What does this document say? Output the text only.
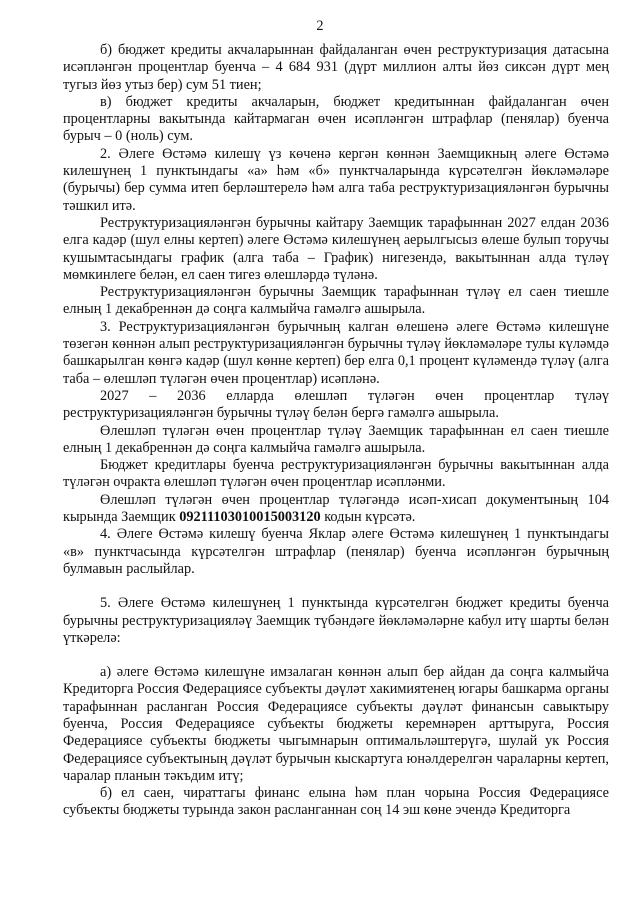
2

б) бюджет кредиты акчаларыннан файдаланган өчен реструктуризация датасына исәпләнгән процентлар буенча – 4 684 931 (дүрт миллион алты йөз сиксән дүрт мең тугыз йөз утыз бер) сум 51 тиен;

в) бюджет кредиты акчаларын, бюджет кредитыннан файдаланган өчен процентларны вакытында кайтармаган өчен исәпләнгән штрафлар (пенялар) буенча бурыч – 0 (ноль) сум.

2. Әлеге Өстәмә килешү үз көченә кергән көннән Заемщикның әлеге Өстәмә килешүнең 1 пунктындагы «а» һәм «б» пунктчаларында күрсәтелгән йөкләмәләре (бурычы) бер сумма итеп берләштерелә һәм алга таба реструктуризацияләнгән бурычны тәшкил итә.

Реструктуризацияләнгән бурычны кайтару Заемщик тарафыннан 2027 елдан 2036 елга кадәр (шул елны кертеп) әлеге Өстәмә килешүнең аерылгысыз өлеше булып торучы кушымтасындагы график (алга таба – График) нигезендә, вакытыннан алда түләү мөмкинлеге белән, ел саен тигез өлешләрдә түләнә.

Реструктуризацияләнгән бурычны Заемщик тарафыннан түләү ел саен тиешле елның 1 декабреннән дә соңга калмыйча гамәлгә ашырыла.

3. Реструктуризацияләнгән бурычның калган өлешенә әлеге Өстәмә килешүне төзегән көннән алып реструктуризацияләнгән бурычны түләү йөкләмәләре тулы күләмдә башкарылган көнгә кадәр (шул көнне кертеп) бер елга 0,1 процент күләмендә түләү (алга таба – өлешләп түләгән өчен процентлар) исәпләнә.

2027 – 2036 елларда өлешләп түләгән өчен процентлар түләү реструктуризацияләнгән бурычны түләү белән бергә гамәлгә ашырыла.

Өлешләп түләгән өчен процентлар түләү Заемщик тарафыннан ел саен тиешле елның 1 декабреннән дә соңга калмыйча гамәлгә ашырыла.

Бюджет кредитлары буенча реструктуризацияләнгән бурычны вакытыннан алда түләгән очракта өлешләп түләгән өчен процентлар исәпләнми.

Өлешләп түләгән өчен процентлар түләгәндә исәп-хисап документының 104 кырында Заемщик 09211103010015003120 кодын күрсәтә.

4. Әлеге Өстәмә килешү буенча Яклар әлеге Өстәмә килешүнең 1 пунктындагы «в» пунктчасында күрсәтелгән штрафлар (пенялар) буенча исәпләнгән бурычның булмавын раслыйлар.

5. Әлеге Өстәмә килешүнең 1 пунктында күрсәтелгән бюджет кредиты буенча бурычны реструктуризацияләү Заемщик түбәндәге йөкләмәләрне кабул итү шарты белән үткәрелә:

а) әлеге Өстәмә килешүне имзалаган көннән алып бер айдан да соңга калмыйча Кредиторга Россия Федерациясе субъекты дәүләт хакимиятенең югары башкарма органы тарафыннан расланган Россия Федерациясе субъекты дәүләт финансын савыктыру буенча, Россия Федерациясе субъекты бюджеты керемнәрен арттыруга, Россия Федерациясе субъекты бюджеты чыгымнарын оптимальләштерүгә, шулай ук Россия Федерациясе субъектының дәүләт бурычын кыскартуга юнәлдерелгән чараларны кертеп, чаралар планын тәкъдим итү;

б) ел саен, чираттагы финанс елына һәм план чорына Россия Федерациясе субъекты бюджеты турында закон расланганнан соң 14 эш көне эчендә Кредиторга
